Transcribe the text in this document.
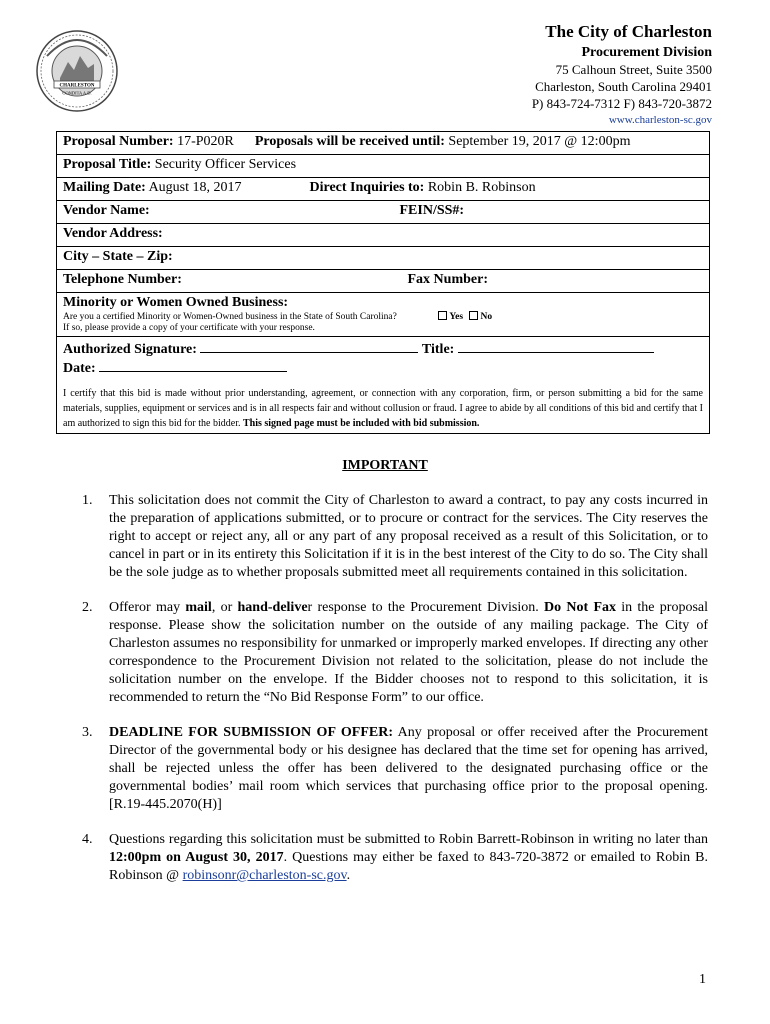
CHARLESTON
CONDITA A.D.
The City of Charleston
Procurement Division
75 Calhoun Street, Suite 3500
Charleston, South Carolina 29401
P) 843-724-7312 F) 843-720-3872
www.charleston-sc.gov
Proposal Number: 17-P020R Proposals will be received until: September 19, 2017 @ 12:00pm
Proposal Title: Security Officer Services
Mailing Date: August 18, 2017	Direct Inquiries to: Robin B. Robinson
Vendor Name:	FEIN/SS#:
Vendor Address:
City – State – Zip:
Telephone Number:	Fax Number:

Minority or Women Owned Business:
Are you a certified Minority or Women-Owned business in the State of South Carolina?	Yes No
If so, please provide a copy of your certificate with your response.

Authorized Signature:	Title:
Date:
I certify that this bid is made without prior understanding, agreement, or connection with any corporation, firm, or person submitting a bid for the same materials, supplies, equipment or services and is in all respects fair and without collusion or fraud. I agree to abide by all conditions of this bid and certify that I am authorized to sign this bid for the bidder. This signed page must be included with bid submission.
IMPORTANT
1. This solicitation does not commit the City of Charleston to award a contract, to pay any costs incurred in the preparation of applications submitted, or to procure or contract for the services. The City reserves the right to accept or reject any, all or any part of any proposal received as a result of this Solicitation, or to cancel in part or in its entirety this Solicitation if it is in the best interest of the City to do so. The City shall be the sole judge as to whether proposals submitted meet all requirements contained in this solicitation.
2. Offeror may mail, or hand-deliver response to the Procurement Division. Do Not Fax in the proposal response. Please show the solicitation number on the outside of any mailing package. The City of Charleston assumes no responsibility for unmarked or improperly marked envelopes. If directing any other correspondence to the Procurement Division not related to the solicitation, please do not include the solicitation number on the envelope. If the Bidder chooses not to respond to this solicitation, it is recommended to return the “No Bid Response Form” to our office.
3. DEADLINE FOR SUBMISSION OF OFFER: Any proposal or offer received after the Procurement Director of the governmental body or his designee has declared that the time set for opening has arrived, shall be rejected unless the offer has been delivered to the designated purchasing office or the governmental bodies’ mail room which services that purchasing office prior to the proposal opening. [R.19-445.2070(H)]
4. Questions regarding this solicitation must be submitted to Robin Barrett-Robinson in writing no later than 12:00pm on August 30, 2017. Questions may either be faxed to 843-720-3872 or emailed to Robin B. Robinson @ robinsonr@charleston-sc.gov.
1
